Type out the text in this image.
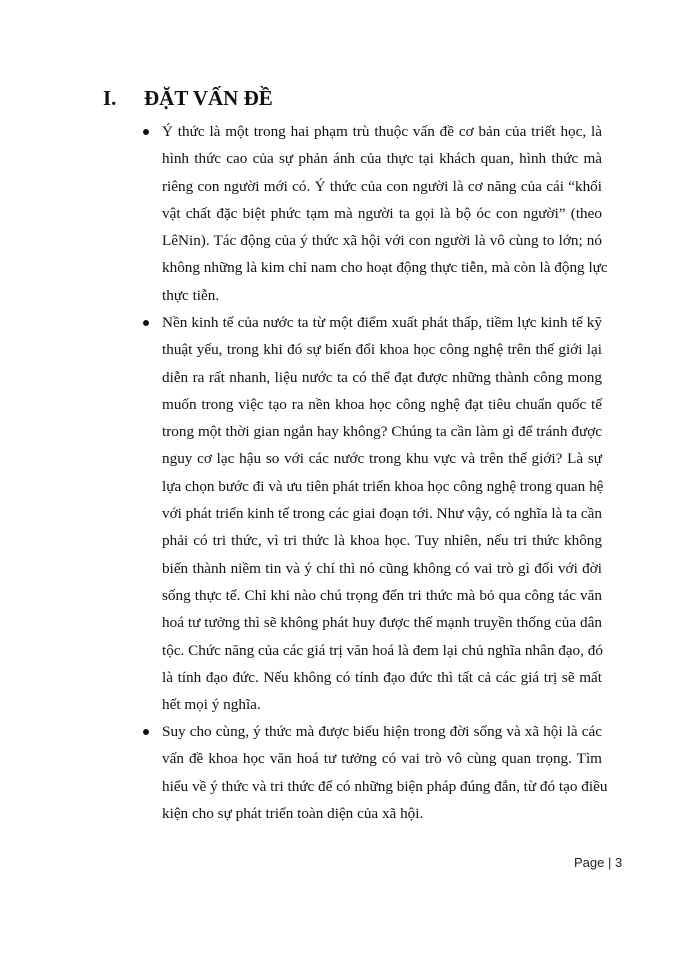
I.	ĐẶT VẤN ĐỀ
Ý thức là một trong hai phạm trù thuộc vấn đề cơ bản của triết học, là
hình thức cao của sự phản ánh của thực tại khách quan, hình thức mà
riêng con người mới có. Ý thức của con người là cơ năng của cái “khối
vật chất đặc biệt phức tạm mà người ta gọi là bộ óc con người” (theo
LêNin). Tác động của ý thức xã hội với con người là vô cùng to lớn; nó
không những là kim chỉ nam cho hoạt động thực tiễn, mà còn là động lực
thực tiễn.
Nền kinh tế của nước ta từ một điểm xuất phát thấp, tiềm lực kinh tế kỹ
thuật yếu, trong khi đó sự biến đổi khoa học công nghệ trên thế giới lại
diễn ra rất nhanh, liệu nước ta có thể đạt được những thành công mong
muốn trong việc tạo ra nền khoa học công nghệ đạt tiêu chuẩn quốc tế
trong một thời gian ngắn hay không? Chúng ta cần làm gì để tránh được
nguy cơ lạc hậu so với các nước trong khu vực và trên thế giới? Là sự
lựa chọn bước đi và ưu tiên phát triển khoa học công nghệ trong quan hệ
với phát triển kinh tế trong các giai đoạn tới. Như vậy, có nghĩa là ta cần
phải có tri thức, vì tri thức là khoa học. Tuy nhiên, nếu tri thức không
biến thành niềm tin và ý chí thì nó cũng không có vai trò gì đối với đời
sống thực tế. Chỉ khi nào chú trọng đến tri thức mà bỏ qua công tác văn
hoá tư tưởng thì sẽ không phát huy được thế mạnh truyền thống của dân
tộc. Chức năng của các giá trị văn hoá là đem lại chủ nghĩa nhân đạo, đó
là tính đạo đức. Nếu không có tính đạo đức thì tất cả các giá trị sẽ mất
hết mọi ý nghĩa.
Suy cho cùng, ý thức mà được biểu hiện trong đời sống và xã hội là các
vấn đề khoa học văn hoá tư tưởng có vai trò vô cùng quan trọng. Tìm
hiểu về ý thức và tri thức để có những biện pháp đúng đắn, từ đó tạo điều
kiện cho sự phát triển toàn diện của xã hội.
Page | 3
